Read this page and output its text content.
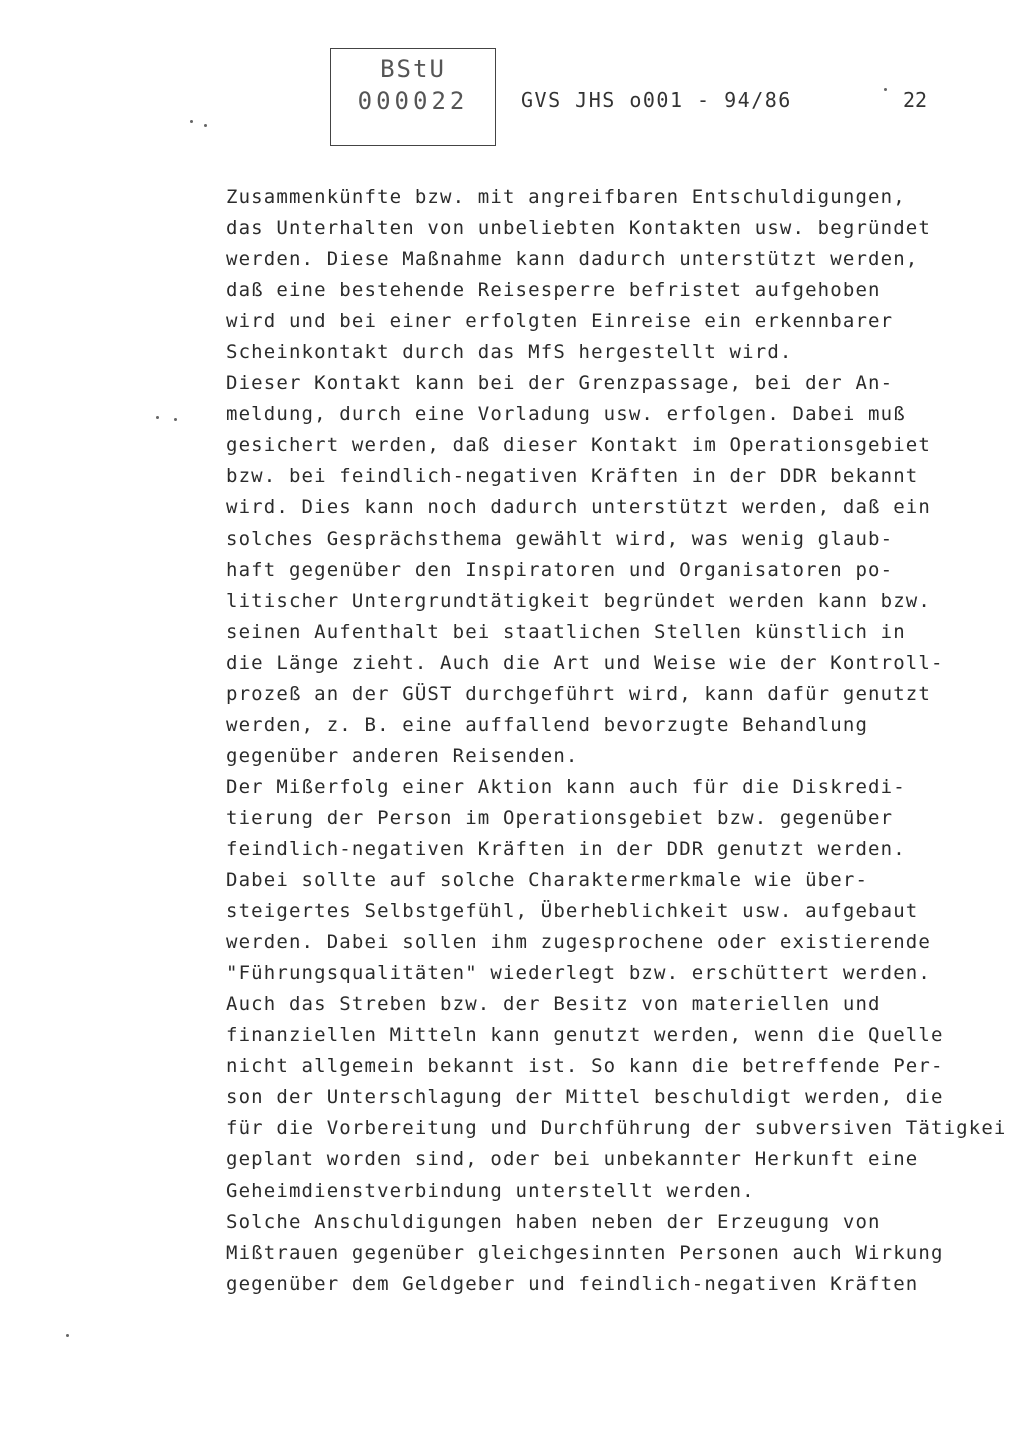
BStU
000022	GVS JHS o001 - 94/86	22
Zusammenkünfte bzw. mit angreifbaren Entschuldigungen,
das Unterhalten von unbeliebten Kontakten usw. begründet
werden. Diese Maßnahme kann dadurch unterstützt werden,
daß eine bestehende Reisesperre befristet aufgehoben
wird und bei einer erfolgten Einreise ein erkennbarer
Scheinkontakt durch das MfS hergestellt wird.
Dieser Kontakt kann bei der Grenzpassage, bei der An-
meldung, durch eine Vorladung usw. erfolgen. Dabei muß
gesichert werden, daß dieser Kontakt im Operationsgebiet
bzw. bei feindlich-negativen Kräften in der DDR bekannt
wird. Dies kann noch dadurch unterstützt werden, daß ein
solches Gesprächsthema gewählt wird, was wenig glaub-
haft gegenüber den Inspiratoren und Organisatoren po-
litischer Untergrundtätigkeit begründet werden kann bzw.
seinen Aufenthalt bei staatlichen Stellen künstlich in
die Länge zieht. Auch die Art und Weise wie der Kontroll-
prozeß an der GÜST durchgeführt wird, kann dafür genutzt
werden, z. B. eine auffallend bevorzugte Behandlung
gegenüber anderen Reisenden.
Der Mißerfolg einer Aktion kann auch für die Diskredi-
tierung der Person im Operationsgebiet bzw. gegenüber
feindlich-negativen Kräften in der DDR genutzt werden.
Dabei sollte auf solche Charaktermerkmale wie über-
steigertes Selbstgefühl, Überheblichkeit usw. aufgebaut
werden. Dabei sollen ihm zugesprochene oder existierende
"Führungsqualitäten" wiederlegt bzw. erschüttert werden.
Auch das Streben bzw. der Besitz von materiellen und
finanziellen Mitteln kann genutzt werden, wenn die Quelle
nicht allgemein bekannt ist. So kann die betreffende Per-
son der Unterschlagung der Mittel beschuldigt werden, die
für die Vorbereitung und Durchführung der subversiven Tätigkei
geplant worden sind, oder bei unbekannter Herkunft eine
Geheimdienstverbindung unterstellt werden.
Solche Anschuldigungen haben neben der Erzeugung von
Mißtrauen gegenüber gleichgesinnten Personen auch Wirkung
gegenüber dem Geldgeber und feindlich-negativen Kräften
